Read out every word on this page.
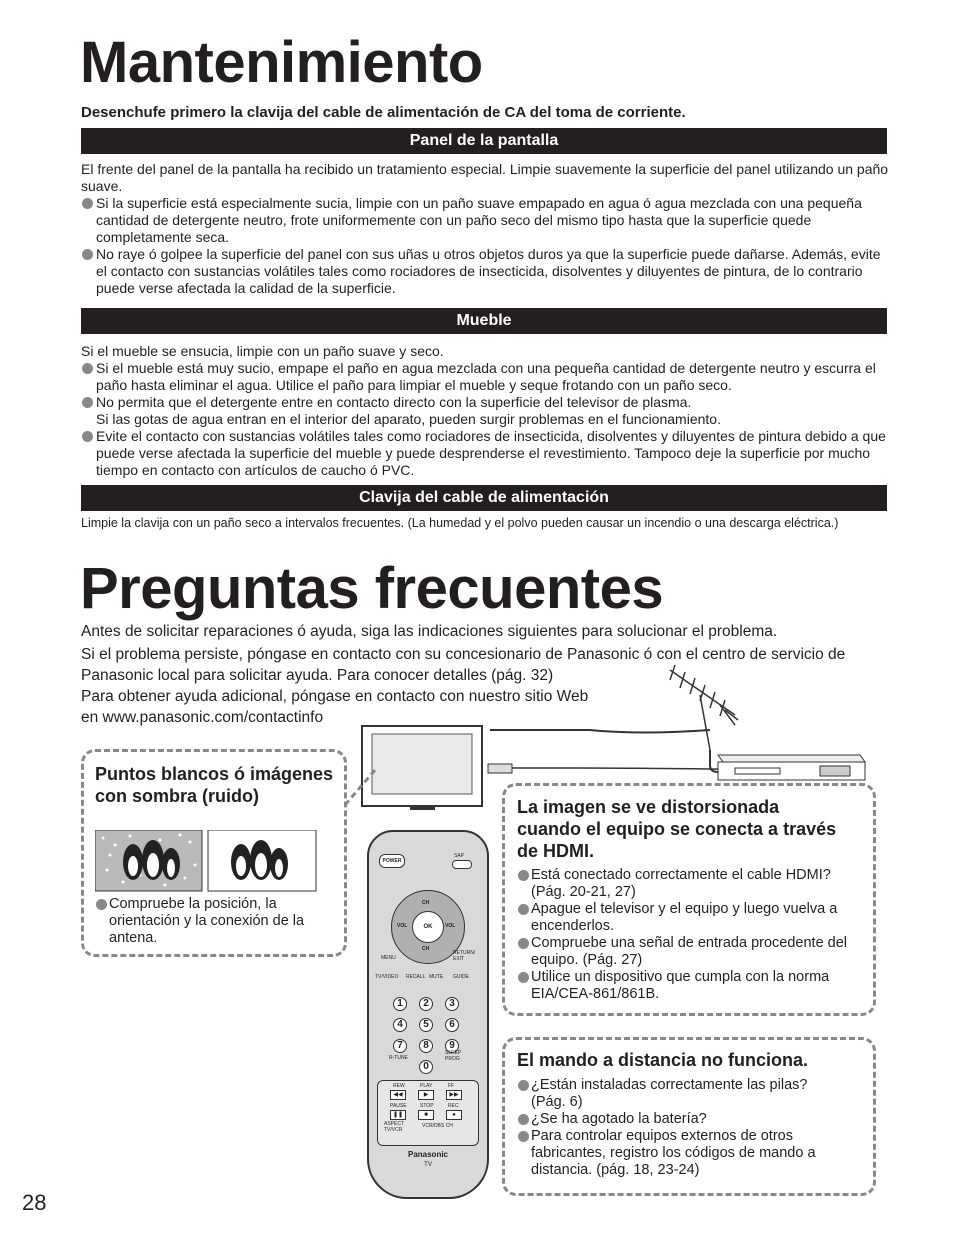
Mantenimiento

Desenchufe primero la clavija del cable de alimentación de CA del toma de corriente.

Panel de la pantalla
El frente del panel de la pantalla ha recibido un tratamiento especial. Limpie suavemente la superficie del panel utilizando un paño suave.
Si la superficie está especialmente sucia, limpie con un paño suave empapado en agua ó agua mezclada con una pequeña cantidad de detergente neutro, frote uniformemente con un paño seco del mismo tipo hasta que la superficie quede completamente seca.
No raye ó golpee la superficie del panel con sus uñas u otros objetos duros ya que la superficie puede dañarse. Además, evite el contacto con sustancias volátiles tales como rociadores de insecticida, disolventes y diluyentes de pintura, de lo contrario puede verse afectada la calidad de la superficie.
Mueble
Si el mueble se ensucia, limpie con un paño suave y seco.
Si el mueble está muy sucio, empape el paño en agua mezclada con una pequeña cantidad de detergente neutro y escurra el paño hasta eliminar el agua. Utilice el paño para limpiar el mueble y seque frotando con un paño seco.
No permita que el detergente entre en contacto directo con la superficie del televisor de plasma.
Si las gotas de agua entran en el interior del aparato, pueden surgir problemas en el funcionamiento.
Evite el contacto con sustancias volátiles tales como rociadores de insecticida, disolventes y diluyentes de pintura debido a que puede verse afectada la superficie del mueble y puede desprenderse el revestimiento. Tampoco deje la superficie por mucho tiempo en contacto con artículos de caucho ó PVC.
Clavija del cable de alimentación
Limpie la clavija con un paño seco a intervalos frecuentes. (La humedad y el polvo pueden causar un incendio o una descarga eléctrica.)
Preguntas frecuentes

Antes de solicitar reparaciones ó ayuda, siga las indicaciones siguientes para solucionar el problema.

Si el problema persiste, póngase en contacto con su concesionario de Panasonic ó con el centro de servicio de Panasonic local para solicitar ayuda. Para conocer detalles (pág. 32)

Para obtener ayuda adicional, póngase en contacto con nuestro sitio Web
en www.panasonic.com/contactinfo

Puntos blancos ó imágenes con sombra (ruido)

Compruebe la posición, la orientación y la conexión de la antena.

La imagen se ve distorsionada cuando el equipo se conecta a través de HDMI.

Está conectado correctamente el cable HDMI? (Pág. 20-21, 27)
Apague el televisor y el equipo y luego vuelva a encenderlos.
Compruebe una señal de entrada procedente del equipo. (Pág. 27)
Utilice un dispositivo que cumpla con la norma EIA/CEA-861/861B.

El mando a distancia no funciona.

¿Están instaladas correctamente las pilas? (Pág. 6)
¿Se ha agotado la batería?
Para controlar equipos externos de otros fabricantes, registro los códigos de mando a distancia. (pág. 18, 23-24)
POWER
SAP
OK
VOL	VOL
CH
CH
MENU
RETURN/ EXIT
TV/VIDEO RECALL MUTE GUIDE
1	2	3
4	5	6
7	8	9
0
R-TUNE
SLEEP PROG
REW	PLAY	FF
◀◀	▶	▶▶
PAUSE	STOP	REC
❚❚	■	●
ASPECT TV/VCR
VCR/DBS CH
Panasonic
TV
28
